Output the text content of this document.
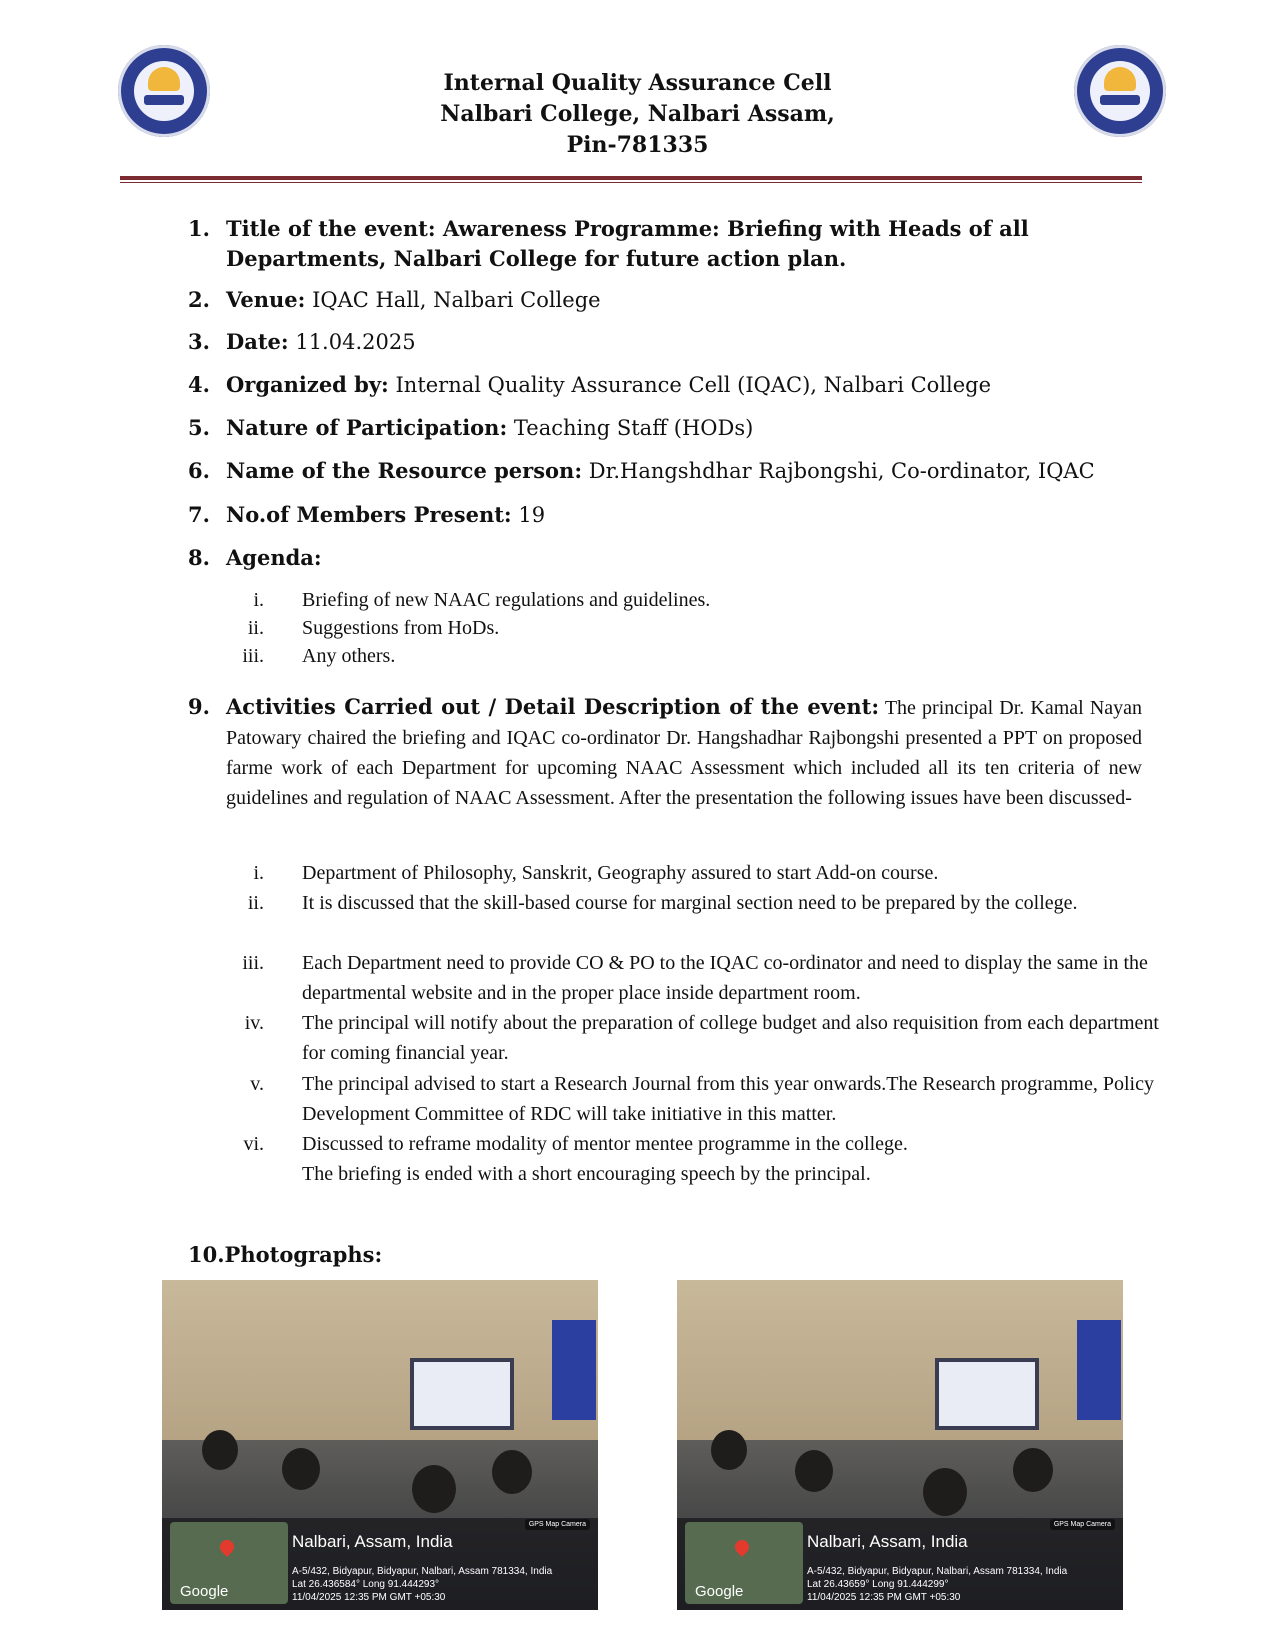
Internal Quality Assurance Cell
Nalbari College, Nalbari Assam,
Pin-781335
1. Title of the event: Awareness Programme: Briefing with Heads of all Departments, Nalbari College for future action plan.
2. Venue: IQAC Hall, Nalbari College
3. Date: 11.04.2025
4. Organized by: Internal Quality Assurance Cell (IQAC), Nalbari College
5. Nature of Participation: Teaching Staff (HODs)
6. Name of the Resource person: Dr.Hangshdhar Rajbongshi, Co-ordinator, IQAC
7. No.of Members Present: 19
8. Agenda:
i. Briefing of new NAAC regulations and guidelines.
ii. Suggestions from HoDs.
iii. Any others.
9. Activities Carried out / Detail Description of the event: The principal Dr. Kamal Nayan Patowary chaired the briefing and IQAC co-ordinator Dr. Hangshadhar Rajbongshi presented a PPT on proposed farme work of each Department for upcoming NAAC Assessment which included all its ten criteria of new guidelines and regulation of NAAC Assessment. After the presentation the following issues have been discussed-
i. Department of Philosophy, Sanskrit, Geography assured to start Add-on course.
ii. It is discussed that the skill-based course for marginal section need to be prepared by the college.
iii. Each Department need to provide CO & PO to the IQAC co-ordinator and need to display the same in the departmental website and in the proper place inside department room.
iv. The principal will notify about the preparation of college budget and also requisition from each department for coming financial year.
v. The principal advised to start a Research Journal from this year onwards.The Research programme, Policy Development Committee of RDC will take initiative in this matter.
vi. Discussed to reframe modality of mentor mentee programme in the college. The briefing is ended with a short encouraging speech by the principal.
10.Photographs:
Google
GPS Map Camera
Nalbari, Assam, India
A-5/432, Bidyapur, Bidyapur, Nalbari, Assam 781334, India
Lat 26.436584° Long 91.444293°
11/04/2025 12:35 PM GMT +05:30	Google
GPS Map Camera
Nalbari, Assam, India
A-5/432, Bidyapur, Bidyapur, Nalbari, Assam 781334, India
Lat 26.43659° Long 91.444299°
11/04/2025 12:35 PM GMT +05:30
